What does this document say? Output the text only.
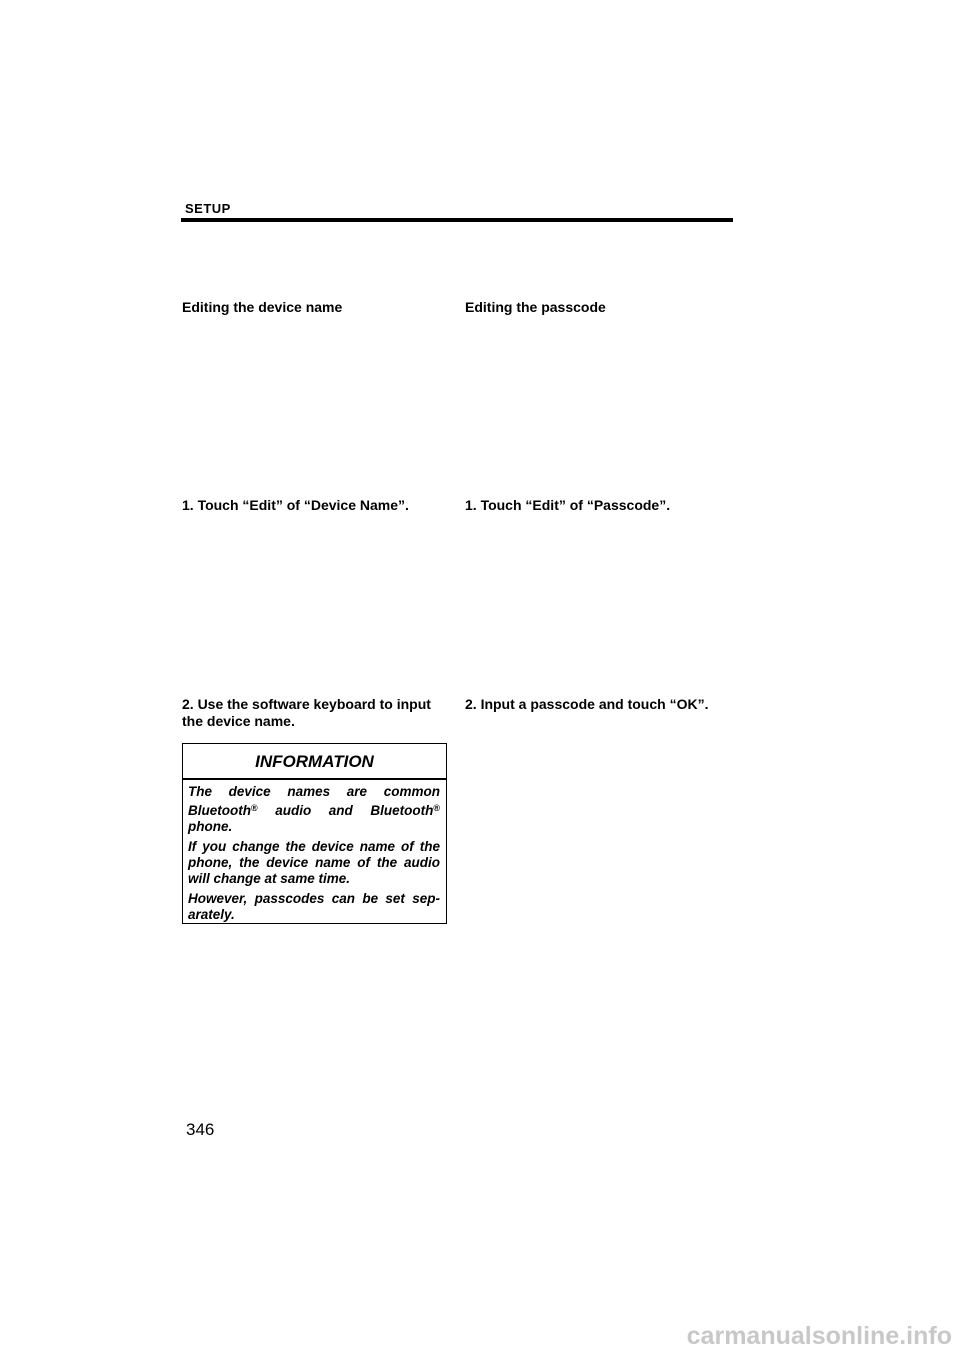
SETUP
Editing the device name
1. Touch “Edit” of “Device Name”.
2. Use the software keyboard to input
the device name.
INFORMATION

The device names are common
Bluetooth® audio and Bluetooth®
phone.

If you change the device name of the
phone, the device name of the audio
will change at same time.

However, passcodes can be set sep-
arately.

Editing the passcode
1. Touch “Edit” of “Passcode”.
2. Input a passcode and touch “OK”.
346
carmanualsonline.info
